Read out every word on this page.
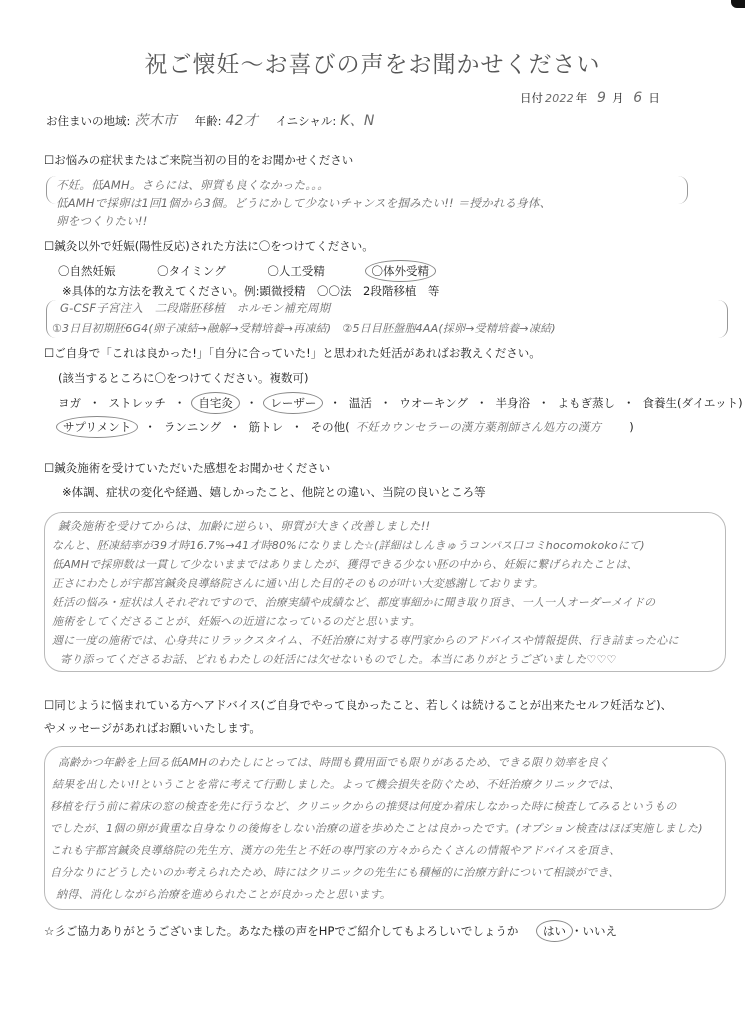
祝ご懐妊〜お喜びの声をお聞かせください
日付 2022 年 9 月 6 日
お住まいの地域: 茨木市 年齢: 42才 イニシャル: K、N
☐お悩みの症状またはご来院当初の目的をお聞かせください
不妊。低AMH。さらには、卵質も良くなかった。。。
低AMHで採卵は1回1個から3個。どうにかして少ないチャンスを掴みたい!! ＝授かれる身体、
卵をつくりたい!!
☐鍼灸以外で妊娠(陽性反応)された方法に〇をつけてください。
〇自然妊娠	〇タイミング	〇人工受精	〇体外受精
※具体的な方法を教えてください。例:顕微授精　〇〇法　2段階移植　等
G-CSF子宮注入　二段階胚移植　ホルモン補充周期
①3日目初期胚6G4(卵子凍結→融解→受精培養→再凍結)　②5日目胚盤胞4AA(採卵→受精培養→凍結)
☐ご自身で「これは良かった!」「自分に合っていた!」と思われた妊活があればお教えください。
(該当するところに〇をつけてください。複数可)
ヨガ ・ ストレッチ ・ 自宅灸 ・ レーザー ・ 温活 ・ ウオーキング ・ 半身浴 ・ よもぎ蒸し ・ 食養生(ダイエット)
サプリメント ・ ランニング ・ 筋トレ ・ その他( 不妊カウンセラーの漢方薬剤師さん処方の漢方 )
☐鍼灸施術を受けていただいた感想をお聞かせください
※体調、症状の変化や経過、嬉しかったこと、他院との違い、当院の良いところ等
鍼灸施術を受けてからは、加齢に逆らい、卵質が大きく改善しました!!
なんと、胚凍結率が39才時16.7%→41才時80%になりました☆(詳細はしんきゅうコンパス口コミhocomokokoにて)
低AMHで採卵数は一貫して少ないままではありましたが、獲得できる少ない胚の中から、妊娠に繋げられたことは、
正さにわたしが宇都宮鍼灸良導絡院さんに通い出した目的そのものが叶い大変感謝しております。
妊活の悩み・症状は人それぞれですので、治療実績や成績など、都度事細かに聞き取り頂き、一人一人オーダーメイドの
施術をしてくださることが、妊娠への近道になっているのだと思います。
週に一度の施術では、心身共にリラックスタイム、不妊治療に対する専門家からのアドバイスや情報提供、行き詰まった心に
寄り添ってくださるお話、どれもわたしの妊活には欠せないものでした。本当にありがとうございました♡♡♡
☐同じように悩まれている方へアドバイス(ご自身でやって良かったこと、若しくは続けることが出来たセルフ妊活など)、
やメッセージがあればお願いいたします。
高齢かつ年齢を上回る低AMHのわたしにとっては、時間も費用面でも限りがあるため、できる限り効率を良く
結果を出したい!!ということを常に考えて行動しました。よって機会損失を防ぐため、不妊治療クリニックでは、
移植を行う前に着床の窓の検査を先に行うなど、クリニックからの推奨は何度か着床しなかった時に検査してみるというもの
でしたが、1個の卵が貴重な自身なりの後悔をしない治療の道を歩めたことは良かったです。(オプション検査はほぼ実施しました)
これも宇都宮鍼灸良導絡院の先生方、漢方の先生と不妊の専門家の方々からたくさんの情報やアドバイスを頂き、
自分なりにどうしたいのか考えられたため、時にはクリニックの先生にも積極的に治療方針について相談ができ、
納得、消化しながら治療を進められたことが良かったと思います。
☆彡ご協力ありがとうございました。あなた様の声をHPでご紹介してもよろしいでしょうか はい ・いいえ
